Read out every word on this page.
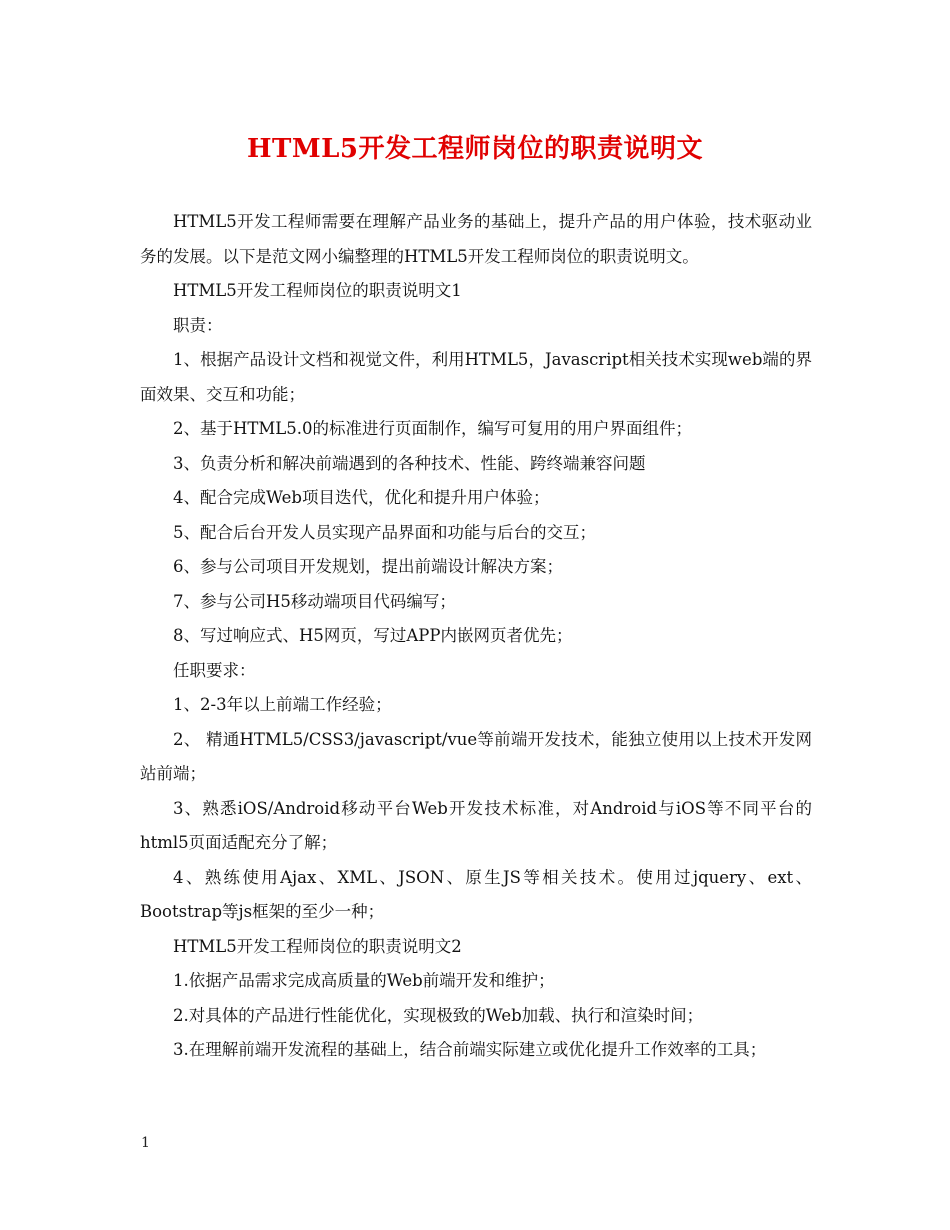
HTML5开发工程师岗位的职责说明文

HTML5开发工程师需要在理解产品业务的基础上，提升产品的用户体验，技术驱动业务的发展。以下是范文网小编整理的HTML5开发工程师岗位的职责说明文。

HTML5开发工程师岗位的职责说明文1

职责：

1、根据产品设计文档和视觉文件，利用HTML5，Javascript相关技术实现web端的界面效果、交互和功能；

2、基于HTML5.0的标准进行页面制作，编写可复用的用户界面组件；

3、负责分析和解决前端遇到的各种技术、性能、跨终端兼容问题

4、配合完成Web项目迭代，优化和提升用户体验；

5、配合后台开发人员实现产品界面和功能与后台的交互；

6、参与公司项目开发规划，提出前端设计解决方案；

7、参与公司H5移动端项目代码编写；

8、写过响应式、H5网页，写过APP内嵌网页者优先；

任职要求：

1、2-3年以上前端工作经验；

2、 精通HTML5/CSS3/javascript/vue等前端开发技术，能独立使用以上技术开发网站前端；

3、熟悉iOS/Android移动平台Web开发技术标准，对Android与iOS等不同平台的html5页面适配充分了解；

4、熟练使用Ajax、XML、JSON、原生JS等相关技术。使用过jquery、ext、Bootstrap等js框架的至少一种；

HTML5开发工程师岗位的职责说明文2

1.依据产品需求完成高质量的Web前端开发和维护；

2.对具体的产品进行性能优化，实现极致的Web加载、执行和渲染时间；

3.在理解前端开发流程的基础上，结合前端实际建立或优化提升工作效率的工具；

1
